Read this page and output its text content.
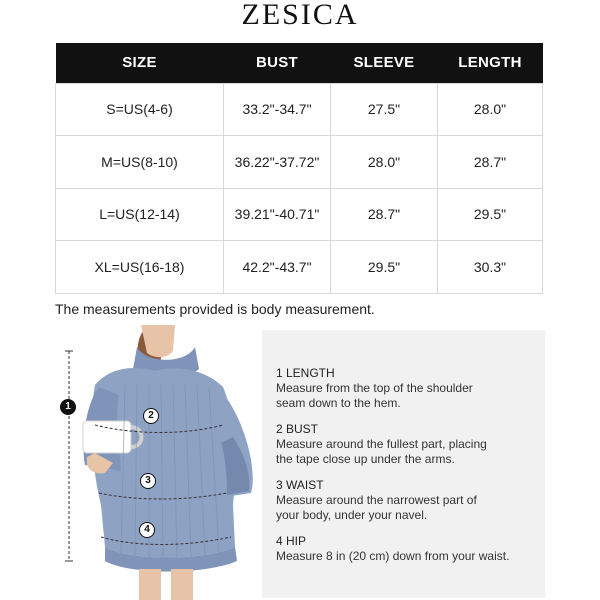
ZESICA
SIZE	BUST	SLEEVE	LENGTH
S=US(4-6)	33.2"-34.7"	27.5"	28.0"
M=US(8-10)	36.22"-37.72"	28.0"	28.7"
L=US(12-14)	39.21"-40.71"	28.7"	29.5"
XL=US(16-18)	42.2"-43.7"	29.5"	30.3"
The measurements provided is body measurement.
1
2
3
4
1 LENGTH
Measure from the top of the shoulder
seam down to the hem.
2 BUST
Measure around the fullest part, placing
the tape close up under the arms.
3 WAIST
Measure around the narrowest part of
your body, under your navel.
4 HIP
Measure 8 in (20 cm) down from your waist.
